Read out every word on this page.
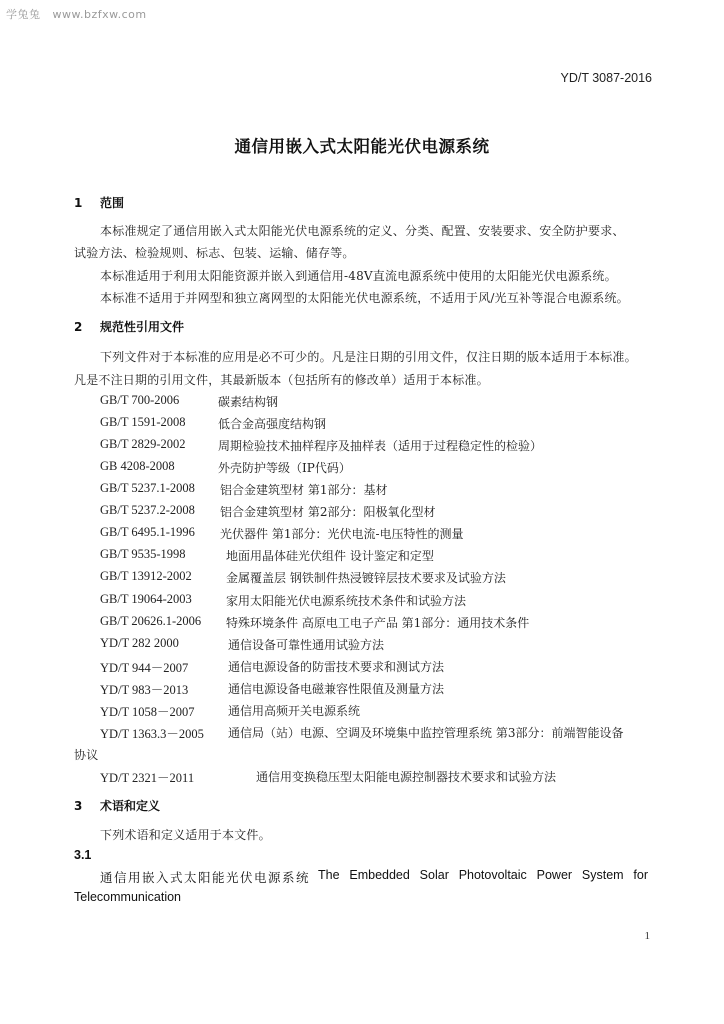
学兔兔 www.bzfxw.com
YD/T 3087-2016
通信用嵌入式太阳能光伏电源系统
1 范围
本标准规定了通信用嵌入式太阳能光伏电源系统的定义、分类、配置、安装要求、安全防护要求、
试验方法、检验规则、标志、包装、运输、储存等。
本标准适用于利用太阳能资源并嵌入到通信用-48V直流电源系统中使用的太阳能光伏电源系统。
本标准不适用于并网型和独立离网型的太阳能光伏电源系统，不适用于风/光互补等混合电源系统。
2 规范性引用文件
下列文件对于本标准的应用是必不可少的。凡是注日期的引用文件，仅注日期的版本适用于本标准。
凡是不注日期的引用文件，其最新版本（包括所有的修改单）适用于本标准。
GB/T 700-2006	碳素结构钢
GB/T 1591-2008	低合金高强度结构钢
GB/T 2829-2002	周期检验技术抽样程序及抽样表（适用于过程稳定性的检验）
GB 4208-2008	外壳防护等级（IP代码）
GB/T 5237.1-2008 铝合金建筑型材 第1部分：基材
GB/T 5237.2-2008 铝合金建筑型材 第2部分：阳极氧化型材
GB/T 6495.1-1996 光伏器件 第1部分：光伏电流-电压特性的测量
GB/T 9535-1998	地面用晶体硅光伏组件 设计鉴定和定型
GB/T 13912-2002	金属覆盖层 钢铁制件热浸镀锌层技术要求及试验方法
GB/T 19064-2003	家用太阳能光伏电源系统技术条件和试验方法
GB/T 20626.1-2006 特殊环境条件 高原电工电子产品 第1部分：通用技术条件
YD/T 282 2000	通信设备可靠性通用试验方法
YD/T 944－2007	通信电源设备的防雷技术要求和测试方法
YD/T 983－2013	通信电源设备电磁兼容性限值及测量方法
YD/T 1058－2007	通信用高频开关电源系统
YD/T 1363.3－2005 通信局（站）电源、空调及环境集中监控管理系统 第3部分：前端智能设备
协议
YD/T 2321－2011	通信用变换稳压型太阳能电源控制器技术要求和试验方法
3 术语和定义
下列术语和定义适用于本文件。
3.1
通信用嵌入式太阳能光伏电源系统 The Embedded Solar Photovoltaic Power System for
Telecommunication
1
